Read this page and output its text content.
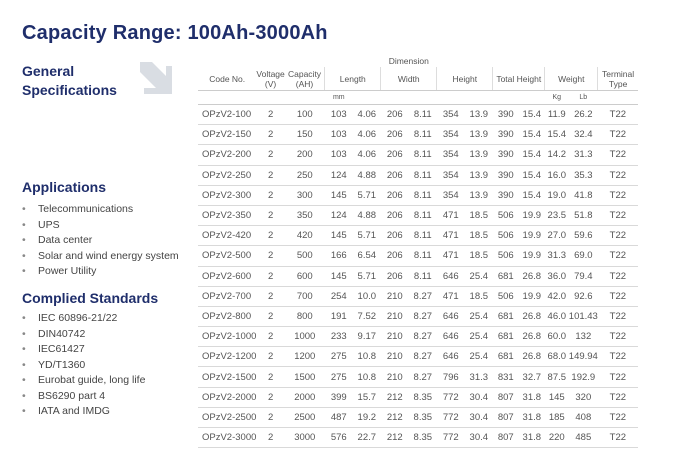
Capacity Range: 100Ah-3000Ah
General
Specifications
Applications
• Telecommunications
• UPS
• Data center
• Solar and wind energy system
• Power Utility
Complied Standards
• IEC 60896-21/22
• DIN40742
• IEC61427
• YD/T1360
• Eurobat guide, long life
• BS6290 part 4
• IATA and IMDG
			Dimension										
Code No.	Voltage (V)	Capacity (AH)	Length		Width		Height		Total Height		Weight		Terminal Type
			mm								Kg	Lb	
OPzV2-100	2	100	103	4.06	206	8.11	354	13.9	390	15.4	11.9	26.2	T22
OPzV2-150	2	150	103	4.06	206	8.11	354	13.9	390	15.4	15.4	32.4	T22
OPzV2-200	2	200	103	4.06	206	8.11	354	13.9	390	15.4	14.2	31.3	T22
OPzV2-250	2	250	124	4.88	206	8.11	354	13.9	390	15.4	16.0	35.3	T22
OPzV2-300	2	300	145	5.71	206	8.11	354	13.9	390	15.4	19.0	41.8	T22
OPzV2-350	2	350	124	4.88	206	8.11	471	18.5	506	19.9	23.5	51.8	T22
OPzV2-420	2	420	145	5.71	206	8.11	471	18.5	506	19.9	27.0	59.6	T22
OPzV2-500	2	500	166	6.54	206	8.11	471	18.5	506	19.9	31.3	69.0	T22
OPzV2-600	2	600	145	5.71	206	8.11	646	25.4	681	26.8	36.0	79.4	T22
OPzV2-700	2	700	254	10.0	210	8.27	471	18.5	506	19.9	42.0	92.6	T22
OPzV2-800	2	800	191	7.52	210	8.27	646	25.4	681	26.8	46.0	101.43	T22
OPzV2-1000	2	1000	233	9.17	210	8.27	646	25.4	681	26.8	60.0	132	T22
OPzV2-1200	2	1200	275	10.8	210	8.27	646	25.4	681	26.8	68.0	149.94	T22
OPzV2-1500	2	1500	275	10.8	210	8.27	796	31.3	831	32.7	87.5	192.9	T22
OPzV2-2000	2	2000	399	15.7	212	8.35	772	30.4	807	31.8	145	320	T22
OPzV2-2500	2	2500	487	19.2	212	8.35	772	30.4	807	31.8	185	408	T22
OPzV2-3000	2	3000	576	22.7	212	8.35	772	30.4	807	31.8	220	485	T22
